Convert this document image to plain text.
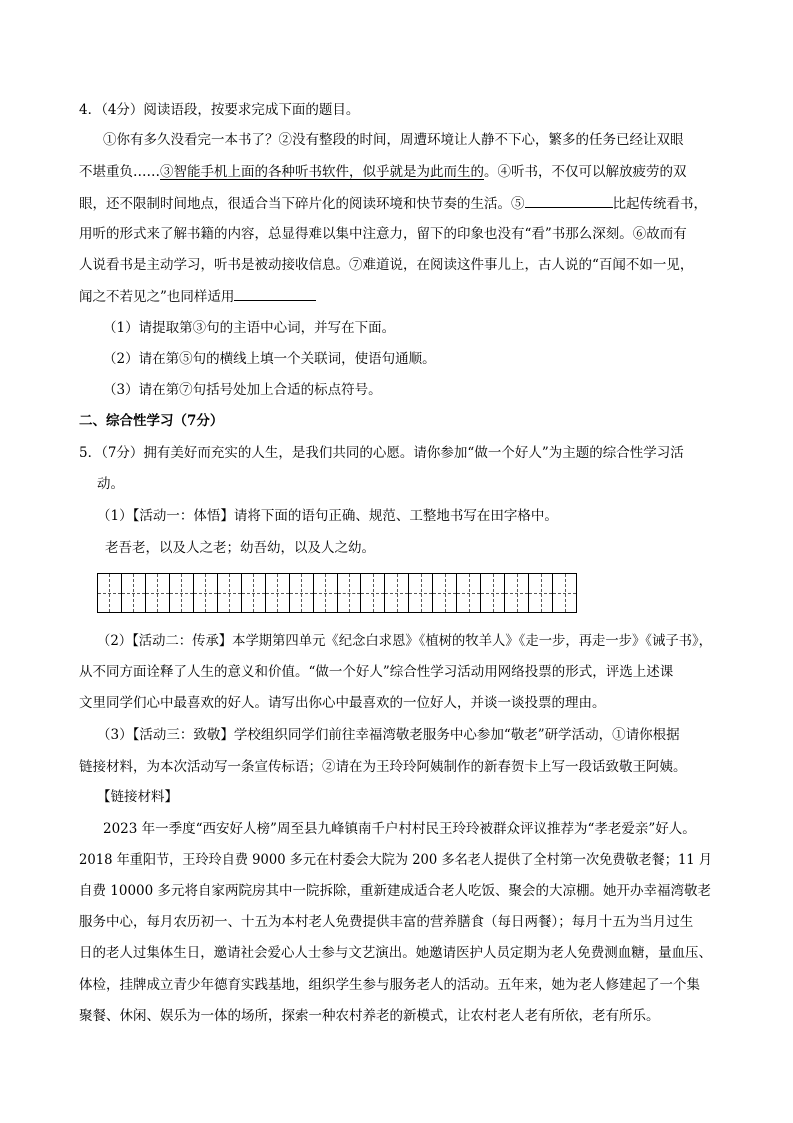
4．（4分）阅读语段，按要求完成下面的题目。
①你有多久没看完一本书了？②没有整段的时间，周遭环境让人静不下心，繁多的任务已经让双眼
不堪重负……③智能手机上面的各种听书软件，似乎就是为此而生的。④听书，不仅可以解放疲劳的双
眼，还不限制时间地点，很适合当下碎片化的阅读环境和快节奏的生活。⑤	比起传统看书，
用听的形式来了解书籍的内容，总显得难以集中注意力，留下的印象也没有“看”书那么深刻。⑥故而有
人说看书是主动学习，听书是被动接收信息。⑦难道说，在阅读这件事儿上，古人说的“百闻不如一见，
闻之不若见之”也同样适用
（1）请提取第③句的主语中心词，并写在下面。
（2）请在第⑤句的横线上填一个关联词，使语句通顺。
（3）请在第⑦句括号处加上合适的标点符号。
二、综合性学习（7分）
5．（7分）拥有美好而充实的人生，是我们共同的心愿。请你参加“做一个好人”为主题的综合性学习活
动。
（1）【活动一：体悟】请将下面的语句正确、规范、工整地书写在田字格中。
老吾老，以及人之老；幼吾幼，以及人之幼。
（2）【活动二：传承】本学期第四单元《纪念白求恩》《植树的牧羊人》《走一步，再走一步》《诫子书》，
从不同方面诠释了人生的意义和价值。“做一个好人”综合性学习活动用网络投票的形式，评选上述课
文里同学们心中最喜欢的好人。请写出你心中最喜欢的一位好人，并谈一谈投票的理由。
（3）【活动三：致敬】学校组织同学们前往幸福湾敬老服务中心参加“敬老”研学活动，①请你根据
链接材料，为本次活动写一条宣传标语；②请在为王玲玲阿姨制作的新春贺卡上写一段话致敬王阿姨。
【链接材料】
2023 年一季度“西安好人榜”周至县九峰镇南千户村村民王玲玲被群众评议推荐为“孝老爱亲”好人。
2018 年重阳节，王玲玲自费 9000 多元在村委会大院为 200 多名老人提供了全村第一次免费敬老餐；11 月
自费 10000 多元将自家两院房其中一院拆除，重新建成适合老人吃饭、聚会的大凉棚。她开办幸福湾敬老
服务中心，每月农历初一、十五为本村老人免费提供丰富的营养膳食（每日两餐）；每月十五为当月过生
日的老人过集体生日，邀请社会爱心人士参与文艺演出。她邀请医护人员定期为老人免费测血糖，量血压、
体检，挂牌成立青少年德育实践基地，组织学生参与服务老人的活动。五年来，她为老人修建起了一个集
聚餐、休闲、娱乐为一体的场所，探索一种农村养老的新模式，让农村老人老有所依，老有所乐。
